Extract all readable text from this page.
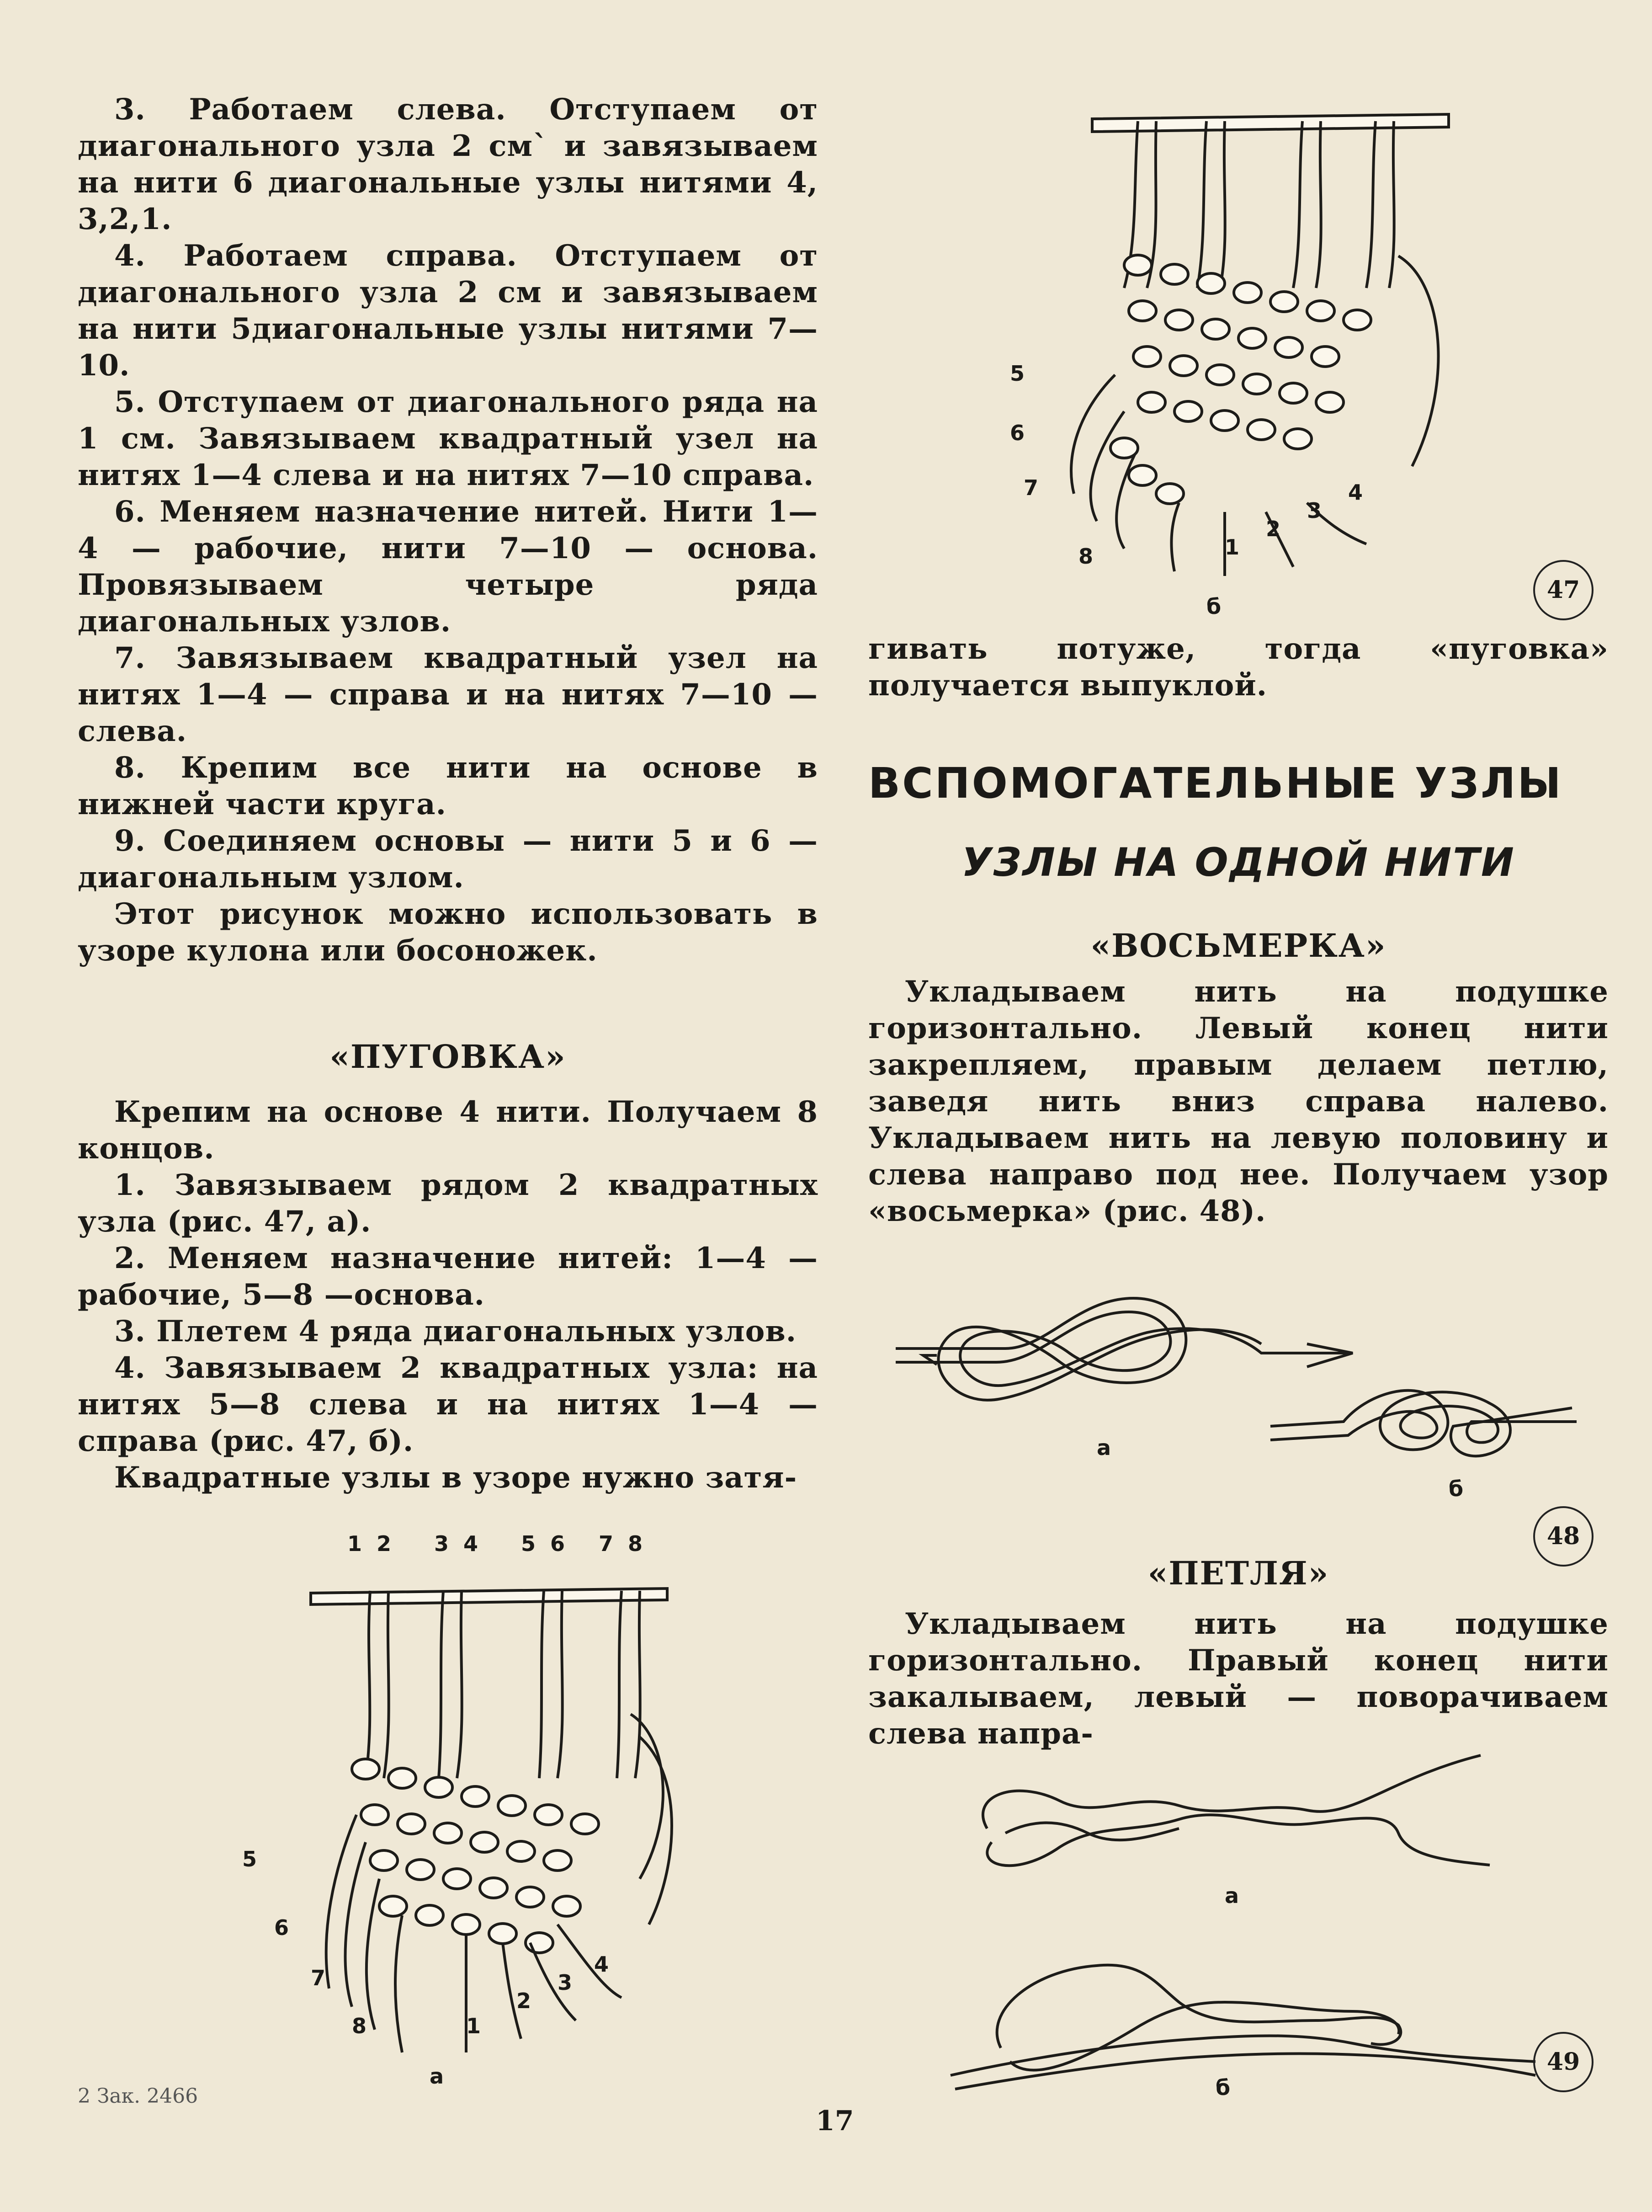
3. Работаем слева. Отступаем от диагонального узла 2 см` и завязываем на нити 6 диагональные узлы нитями 4, 3,2,1.

4. Работаем справа. Отступаем от диагонального узла 2 см и завязываем на нити 5диагональные узлы нитями 7—10.

5. Отступаем от диагонального ряда на 1 см. Завязываем квадратный узел на нитях 1—4 слева и на нитях 7—10 справа.

6. Меняем назначение нитей. Нити 1—4 — рабочие, нити 7—10 — основа. Провязываем четыре ряда диагональных узлов.

7. Завязываем квадратный узел на нитях 1—4 — справа и на нитях 7—10 — слева.

8. Крепим все нити на основе в нижней части круга.

9. Соединяем основы — нити 5 и 6 — диагональным узлом.

Этот рисунок можно использовать в узоре кулона или босоножек.

«ПУГОВКА»

Крепим на основе 4 нити. Получаем 8 концов.

1. Завязываем рядом 2 квадратных узла (рис. 47, а).

2. Меняем назначение нитей: 1—4 — рабочие, 5—8 —основа.

3. Плетем 4 ряда диагональных узлов.

4. Завязываем 2 квадратных узла: на нитях 5—8 слева и на нитях 1—4 — справа (рис. 47, б).

Квадратные узлы в узоре нужно затя-

1 2 3 4 5 6 7 8
5
6
7
8	1
2
3
4
а
5
6
7
8	1
2
3
4
б
47

гивать потуже, тогда «пуговка» получается выпуклой.

ВСПОМОГАТЕЛЬНЫЕ УЗЛЫ
УЗЛЫ НА ОДНОЙ НИТИ
«ВОСЬМЕРКА»

Укладываем нить на подушке горизонтально. Левый конец нити закрепляем, правым делаем петлю, заведя нить вниз справа налево. Укладываем нить на левую половину и слева направо под нее. Получаем узор «восьмерка» (рис. 48).

а
б
48
«ПЕТЛЯ»

Укладываем нить на подушке горизонтально. Правый конец нити закалываем, левый — поворачиваем слева напра-

а
б
49
2 Зак. 2466
17
